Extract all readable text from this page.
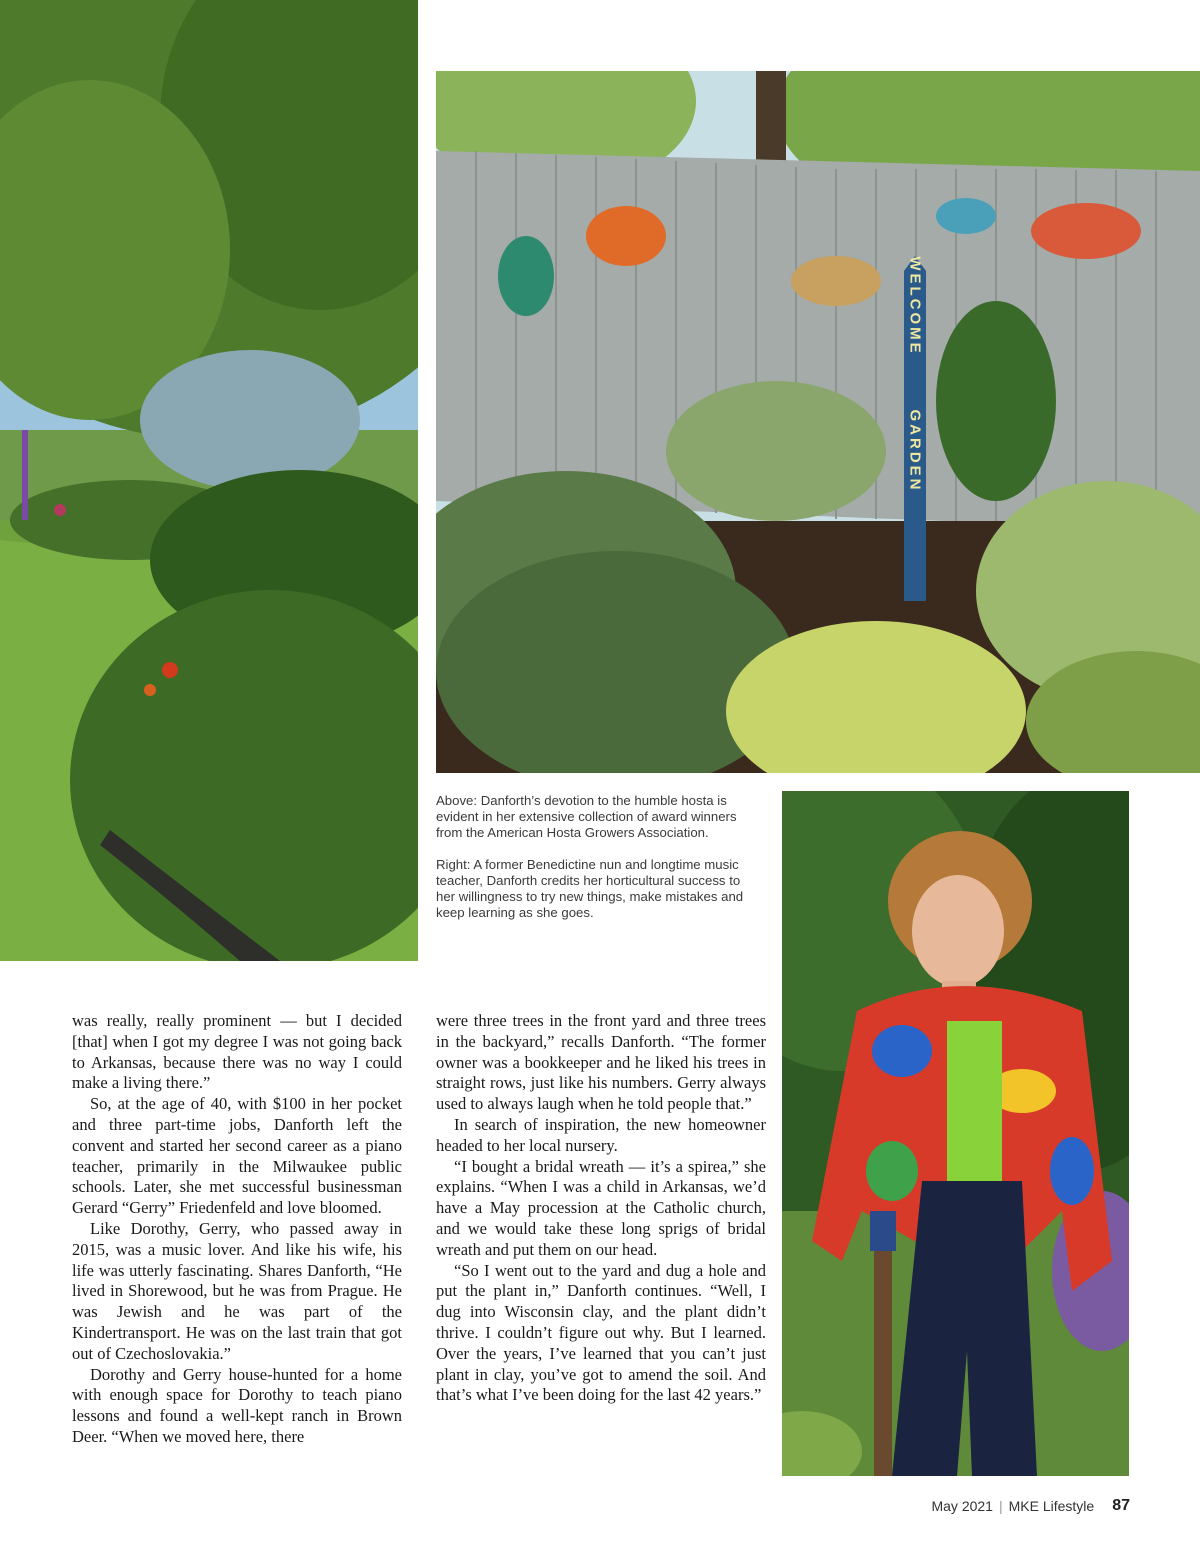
WELCOME
GARDEN

Above: Danforth’s devotion to the humble hosta is evident in her extensive collection of award winners from the American Hosta Growers Association.

Right: A former Benedictine nun and longtime music teacher, Danforth credits her horticultural success to her willingness to try new things, make mistakes and keep learning as she goes.

was really, really prominent — but I decided [that] when I got my degree I was not going back to Arkansas, because there was no way I could make a living there.”

So, at the age of 40, with $100 in her pocket and three part-time jobs, Danforth left the convent and started her second career as a piano teacher, primarily in the Milwaukee public schools. Later, she met successful businessman Gerard “Gerry” Friedenfeld and love bloomed.

Like Dorothy, Gerry, who passed away in 2015, was a music lover. And like his wife, his life was utterly fascinating. Shares Danforth, “He lived in Shorewood, but he was from Prague. He was Jewish and he was part of the Kindertransport. He was on the last train that got out of Czechoslovakia.”

Dorothy and Gerry house-hunted for a home with enough space for Dorothy to teach piano lessons and found a well-kept ranch in Brown Deer. “When we moved here, there

were three trees in the front yard and three trees in the backyard,” recalls Danforth. “The former owner was a bookkeeper and he liked his trees in straight rows, just like his numbers. Gerry always used to always laugh when he told people that.”

In search of inspiration, the new homeowner headed to her local nursery.

“I bought a bridal wreath — it’s a spirea,” she explains. “When I was a child in Arkansas, we’d have a May procession at the Catholic church, and we would take these long sprigs of bridal wreath and put them on our head.

“So I went out to the yard and dug a hole and put the plant in,” Danforth continues. “Well, I dug into Wisconsin clay, and the plant didn’t thrive. I couldn’t figure out why. But I learned. Over the years, I’ve learned that you can’t just plant in clay, you’ve got to amend the soil. And that’s what I’ve been doing for the last 42 years.”

May 2021 | MKE Lifestyle 87
